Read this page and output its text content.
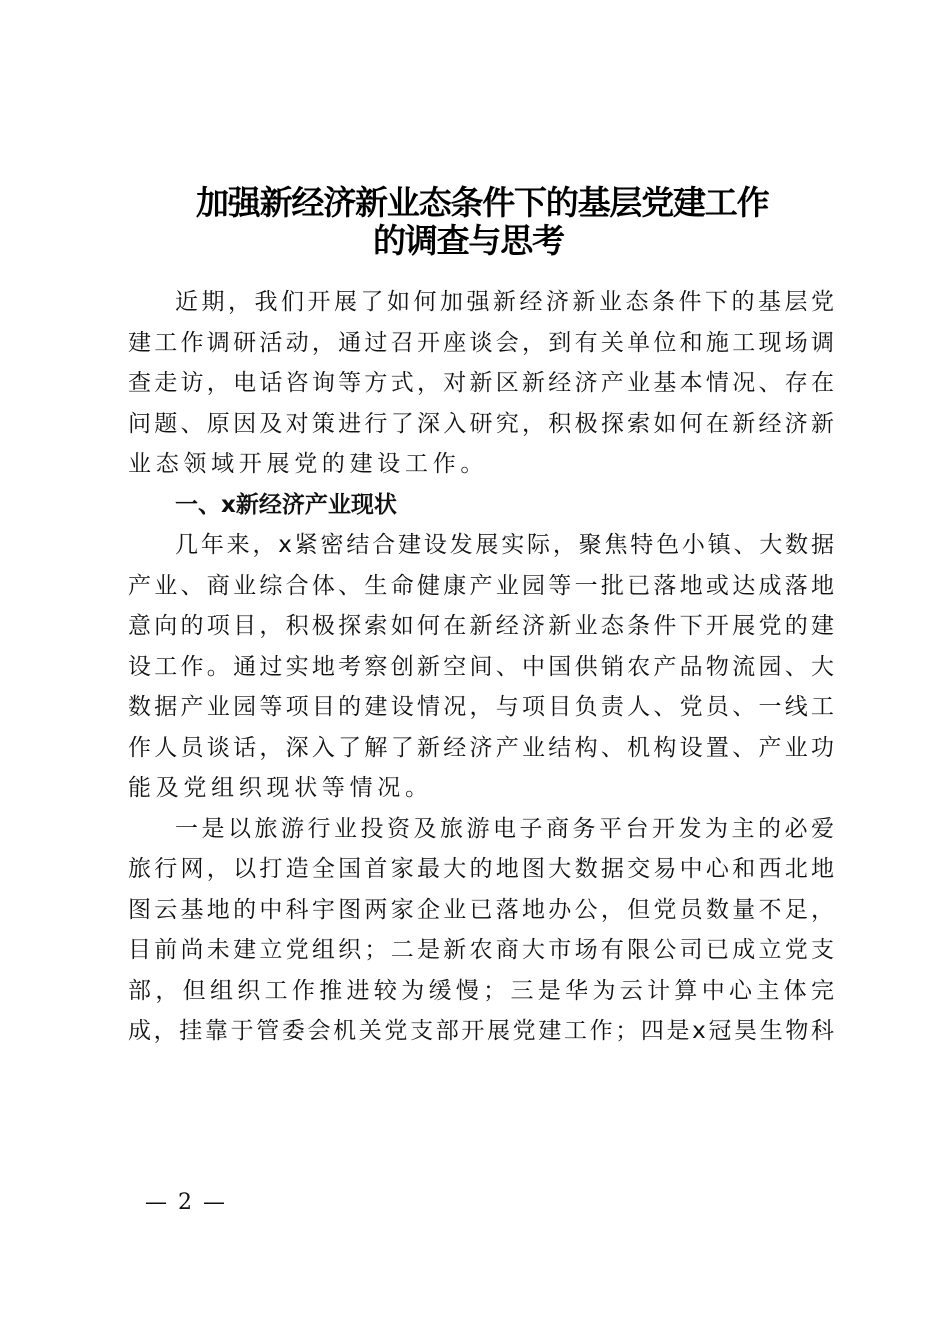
加强新经济新业态条件下的基层党建工作
的调查与思考
近期，我们开展了如何加强新经济新业态条件下的基层党
建工作调研活动，通过召开座谈会，到有关单位和施工现场调
查走访，电话咨询等方式，对新区新经济产业基本情况、存在
问题、原因及对策进行了深入研究，积极探索如何在新经济新
业态领域开展党的建设工作。
一、x新经济产业现状
几年来，x紧密结合建设发展实际，聚焦特色小镇、大数据
产业、商业综合体、生命健康产业园等一批已落地或达成落地
意向的项目，积极探索如何在新经济新业态条件下开展党的建
设工作。通过实地考察创新空间、中国供销农产品物流园、大
数据产业园等项目的建设情况，与项目负责人、党员、一线工
作人员谈话，深入了解了新经济产业结构、机构设置、产业功
能及党组织现状等情况。
一是以旅游行业投资及旅游电子商务平台开发为主的必爱
旅行网，以打造全国首家最大的地图大数据交易中心和西北地
图云基地的中科宇图两家企业已落地办公，但党员数量不足，
目前尚未建立党组织；二是新农商大市场有限公司已成立党支
部，但组织工作推进较为缓慢；三是华为云计算中心主体完
成，挂靠于管委会机关党支部开展党建工作；四是x冠昊生物科
— 2 —
